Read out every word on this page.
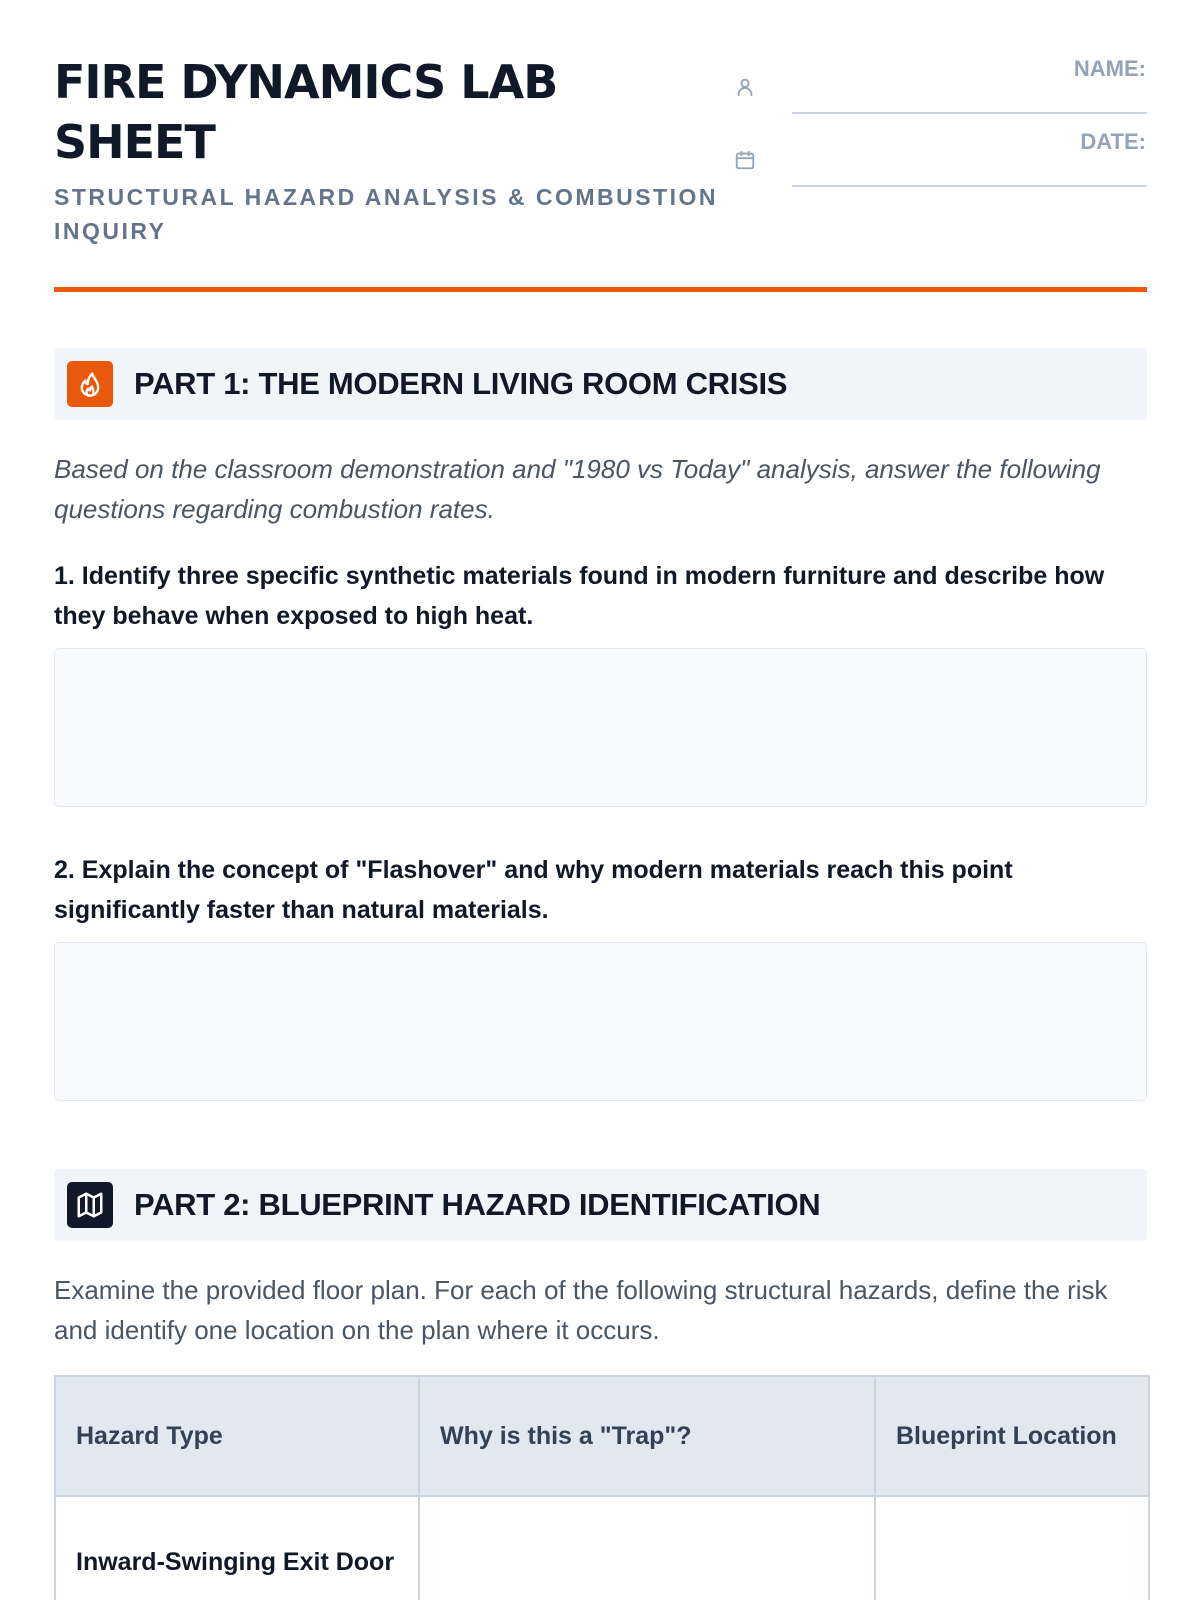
FIRE DYNAMICS LAB SHEET

STRUCTURAL HAZARD ANALYSIS & COMBUSTION INQUIRY

NAME:
DATE:
PART 1: THE MODERN LIVING ROOM CRISIS

Based on the classroom demonstration and "1980 vs Today" analysis, answer the following questions regarding combustion rates.

1. Identify three specific synthetic materials found in modern furniture and describe how they behave when exposed to high heat.

2. Explain the concept of "Flashover" and why modern materials reach this point significantly faster than natural materials.

PART 2: BLUEPRINT HAZARD IDENTIFICATION

Examine the provided floor plan. For each of the following structural hazards, define the risk and identify one location on the plan where it occurs.

Hazard Type	Why is this a "Trap"?	Blueprint Location
Inward-Swinging Exit Door		
